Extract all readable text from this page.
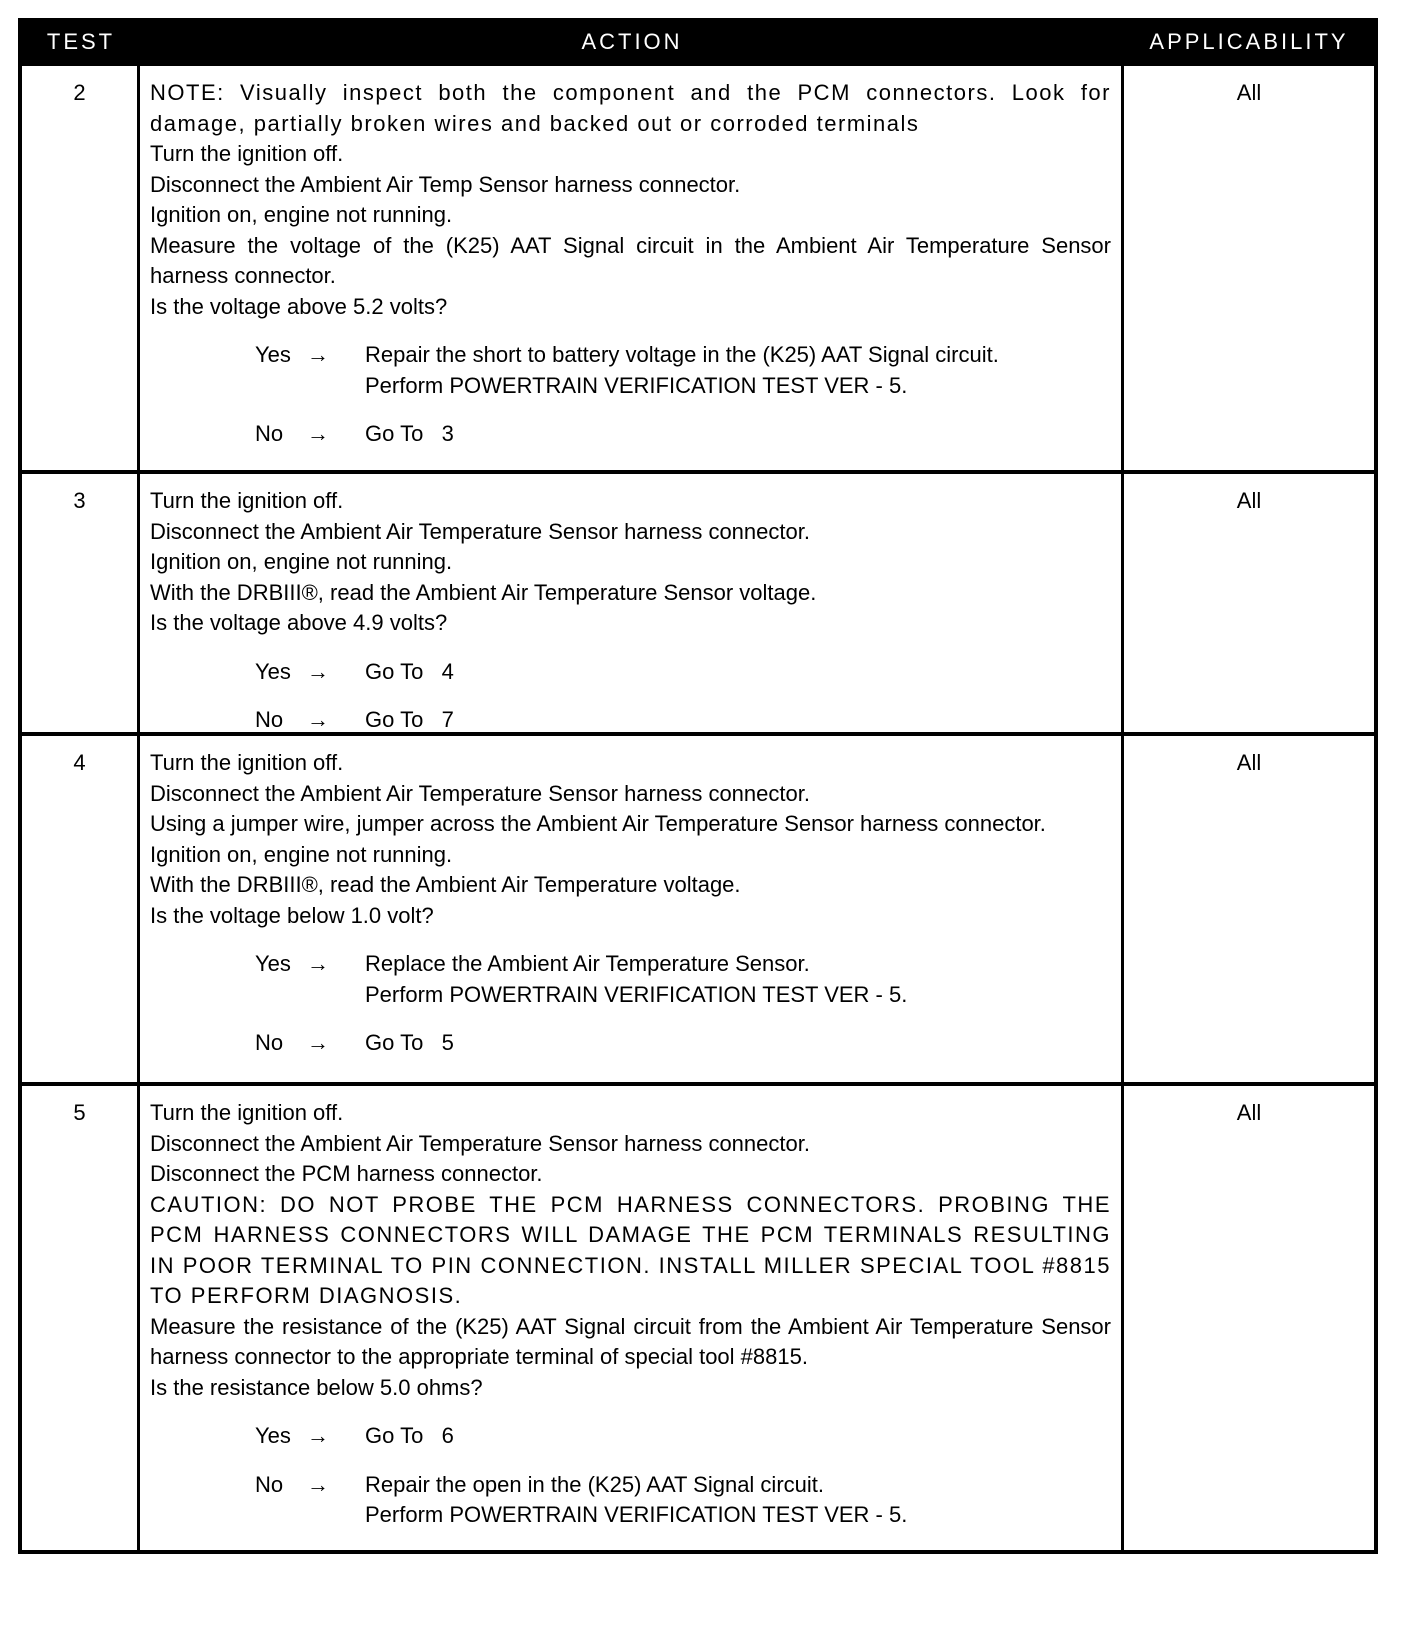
TEST	ACTION	APPLICABILITY
2	NOTE: Visually inspect both the component and the PCM connectors. Look for damage, partially broken wires and backed out or corroded terminals
Turn the ignition off.
Disconnect the Ambient Air Temp Sensor harness connector.
Ignition on, engine not running.
Measure the voltage of the (K25) AAT Signal circuit in the Ambient Air Temperature Sensor harness connector.
Is the voltage above 5.2 volts?
Yes →	Repair the short to battery voltage in the (K25) AAT Signal circuit.
Perform POWERTRAIN VERIFICATION TEST VER - 5.
No	→	Go To   3
All
3	Turn the ignition off.
Disconnect the Ambient Air Temperature Sensor harness connector.
Ignition on, engine not running.
With the DRBIII®, read the Ambient Air Temperature Sensor voltage.
Is the voltage above 4.9 volts?
Yes →	Go To   4
No	→	Go To   7
All
4	Turn the ignition off.
Disconnect the Ambient Air Temperature Sensor harness connector.
Using a jumper wire, jumper across the Ambient Air Temperature Sensor harness connector.
Ignition on, engine not running.
With the DRBIII®, read the Ambient Air Temperature voltage.
Is the voltage below 1.0 volt?
Yes →	Replace the Ambient Air Temperature Sensor.
Perform POWERTRAIN VERIFICATION TEST VER - 5.
No	→	Go To   5
All
5	Turn the ignition off.
Disconnect the Ambient Air Temperature Sensor harness connector.
Disconnect the PCM harness connector.
CAUTION: DO NOT PROBE THE PCM HARNESS CONNECTORS. PROBING THE PCM HARNESS CONNECTORS WILL DAMAGE THE PCM TERMINALS RESULTING IN POOR TERMINAL TO PIN CONNECTION. INSTALL MILLER SPECIAL TOOL #8815 TO PERFORM DIAGNOSIS.
Measure the resistance of the (K25) AAT Signal circuit from the Ambient Air Temperature Sensor harness connector to the appropriate terminal of special tool #8815.
Is the resistance below 5.0 ohms?
Yes →	Go To   6
No	→	Repair the open in the (K25) AAT Signal circuit.
Perform POWERTRAIN VERIFICATION TEST VER - 5.
All
